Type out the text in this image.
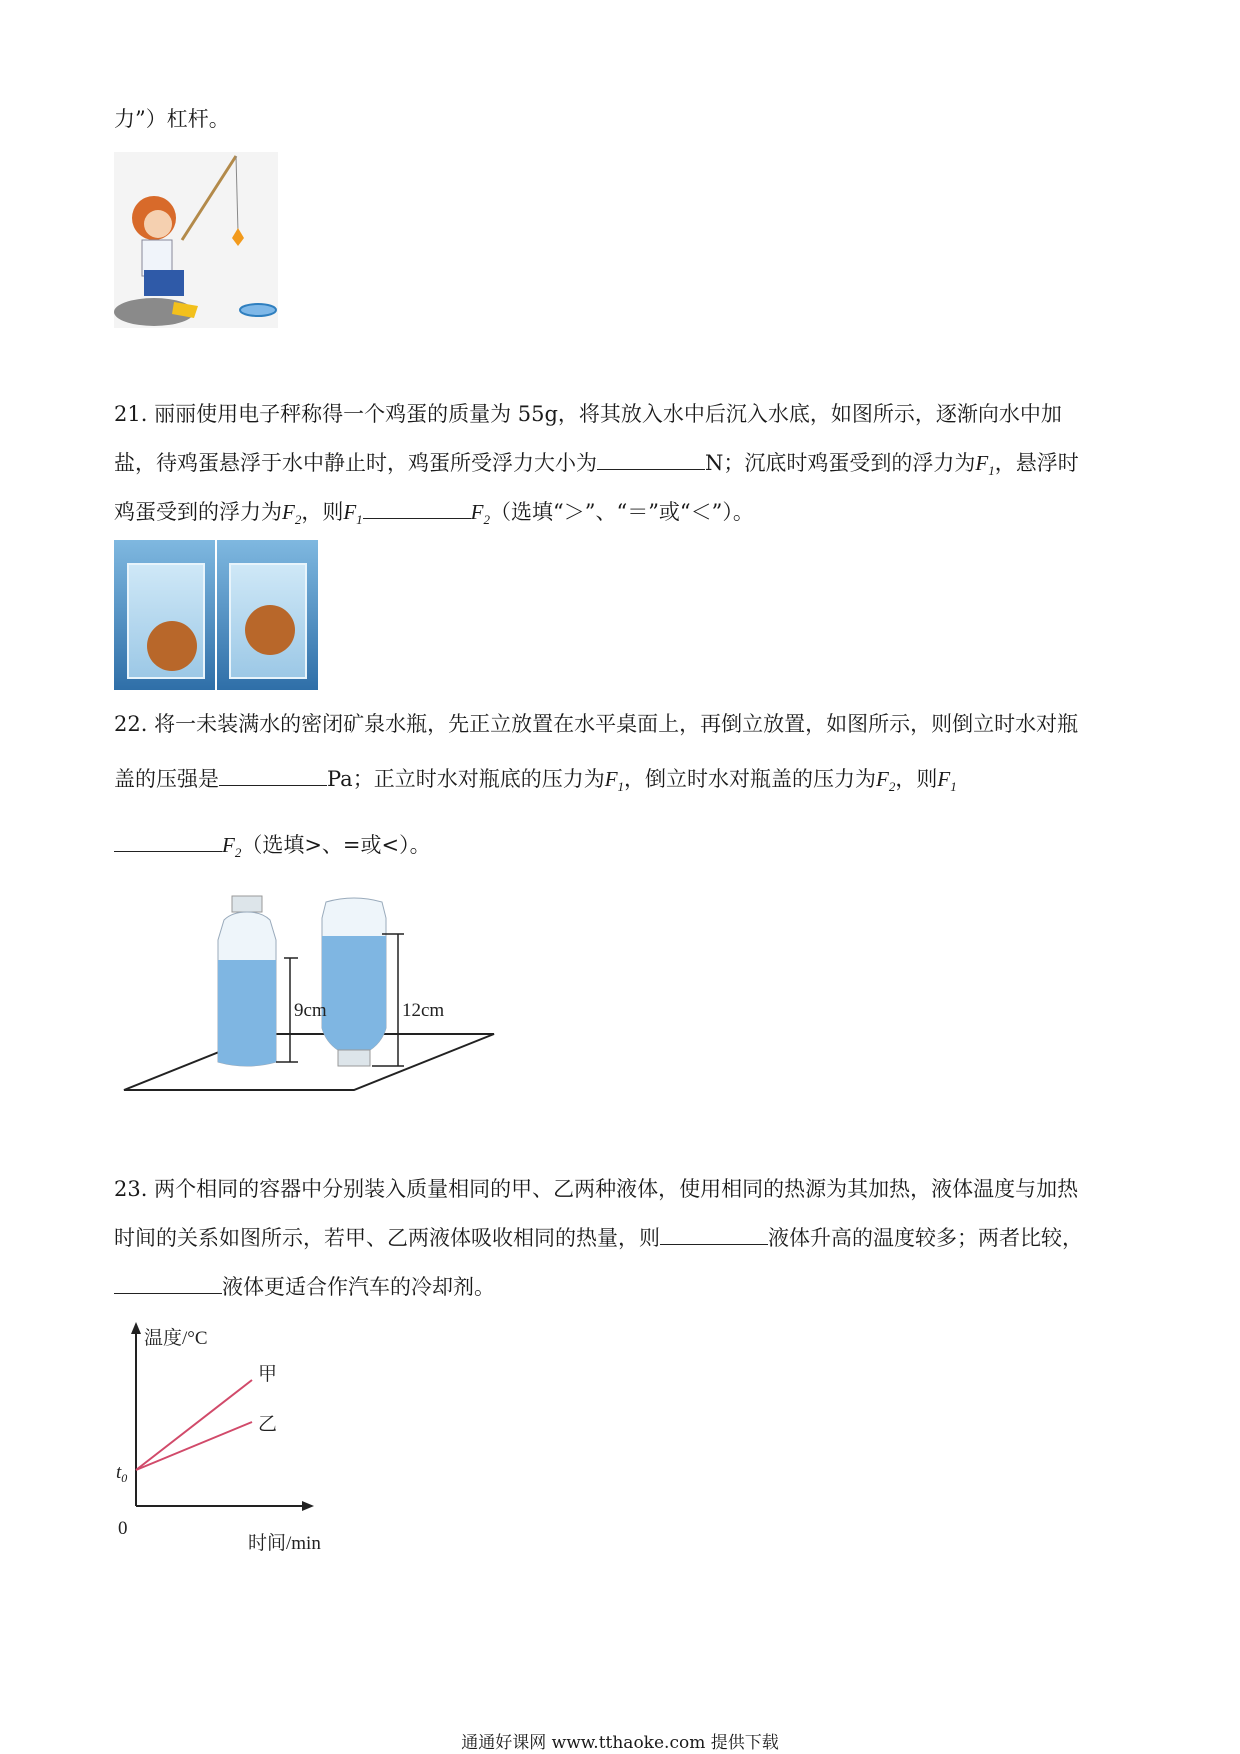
力”）杠杆。
21. 丽丽使用电子秤称得一个鸡蛋的质量为 55g，将其放入水中后沉入水底，如图所示，逐渐向水中加
盐，待鸡蛋悬浮于水中静止时，鸡蛋所受浮力大小为	N；沉底时鸡蛋受到的浮力为$F_1$，悬浮时
鸡蛋受到的浮力为$F_2$，则$F_1$	$F_2$（选填“＞”、“＝”或“＜”）。
22. 将一未装满水的密闭矿泉水瓶，先正立放置在水平桌面上，再倒立放置，如图所示，则倒立时水对瓶
盖的压强是	Pa；正立时水对瓶底的压力为$F_1$，倒立时水对瓶盖的压力为$F_2$，则$F_1$
$F_2$（选填>、=或<）。
9cm	12cm
23. 两个相同的容器中分别装入质量相同的甲、乙两种液体，使用相同的热源为其加热，液体温度与加热
时间的关系如图所示，若甲、乙两液体吸收相同的热量，则	液体升高的温度较多；两者比较，
液体更适合作汽车的冷却剂。
温度/°C
时间/min
0
$t_0$
甲
乙
通通好课网 www.tthaoke.com 提供下载
